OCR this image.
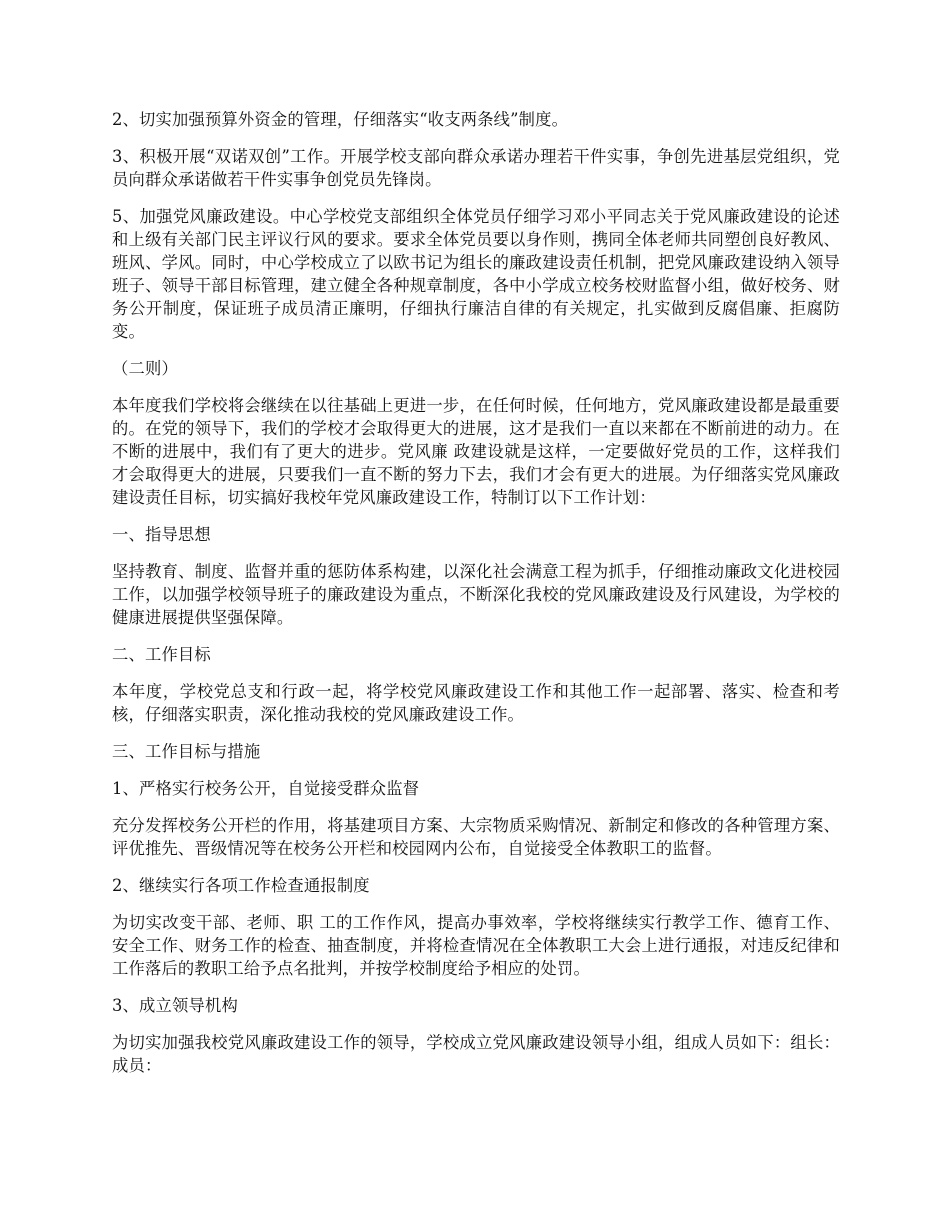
2、切实加强预算外资金的管理，仔细落实“收支两条线”制度。

3、积极开展“双诺双创”工作。开展学校支部向群众承诺办理若干件实事，争创先进基层党组织，党员向群众承诺做若干件实事争创党员先锋岗。

5、加强党风廉政建设。中心学校党支部组织全体党员仔细学习邓小平同志关于党风廉政建设的论述和上级有关部门民主评议行风的要求。要求全体党员要以身作则，携同全体老师共同塑创良好教风、班风、学风。同时，中心学校成立了以欧书记为组长的廉政建设责任机制，把党风廉政建设纳入领导班子、领导干部目标管理，建立健全各种规章制度，各中小学成立校务校财监督小组，做好校务、财务公开制度，保证班子成员清正廉明，仔细执行廉洁自律的有关规定，扎实做到反腐倡廉、拒腐防变。

（二则）

本年度我们学校将会继续在以往基础上更进一步，在任何时候，任何地方，党风廉政建设都是最重要的。在党的领导下，我们的学校才会取得更大的进展，这才是我们一直以来都在不断前进的动力。在不断的进展中，我们有了更大的进步。党风廉 政建设就是这样，一定要做好党员的工作，这样我们才会取得更大的进展，只要我们一直不断的努力下去，我们才会有更大的进展。为仔细落实党风廉政建设责任目标，切实搞好我校年党风廉政建设工作，特制订以下工作计划：

一、指导思想

坚持教育、制度、监督并重的惩防体系构建，以深化社会满意工程为抓手，仔细推动廉政文化进校园工作，以加强学校领导班子的廉政建设为重点，不断深化我校的党风廉政建设及行风建设，为学校的健康进展提供坚强保障。

二、工作目标

本年度，学校党总支和行政一起，将学校党风廉政建设工作和其他工作一起部署、落实、检查和考核，仔细落实职责，深化推动我校的党风廉政建设工作。

三、工作目标与措施

1、严格实行校务公开，自觉接受群众监督

充分发挥校务公开栏的作用，将基建项目方案、大宗物质采购情况、新制定和修改的各种管理方案、评优推先、晋级情况等在校务公开栏和校园网内公布，自觉接受全体教职工的监督。

2、继续实行各项工作检查通报制度

为切实改变干部、老师、职 工的工作作风，提高办事效率，学校将继续实行教学工作、德育工作、安全工作、财务工作的检查、抽查制度，并将检查情况在全体教职工大会上进行通报，对违反纪律和工作落后的教职工给予点名批判，并按学校制度给予相应的处罚。

3、成立领导机构

为切实加强我校党风廉政建设工作的领导，学校成立党风廉政建设领导小组，组成人员如下：组长：成员：
